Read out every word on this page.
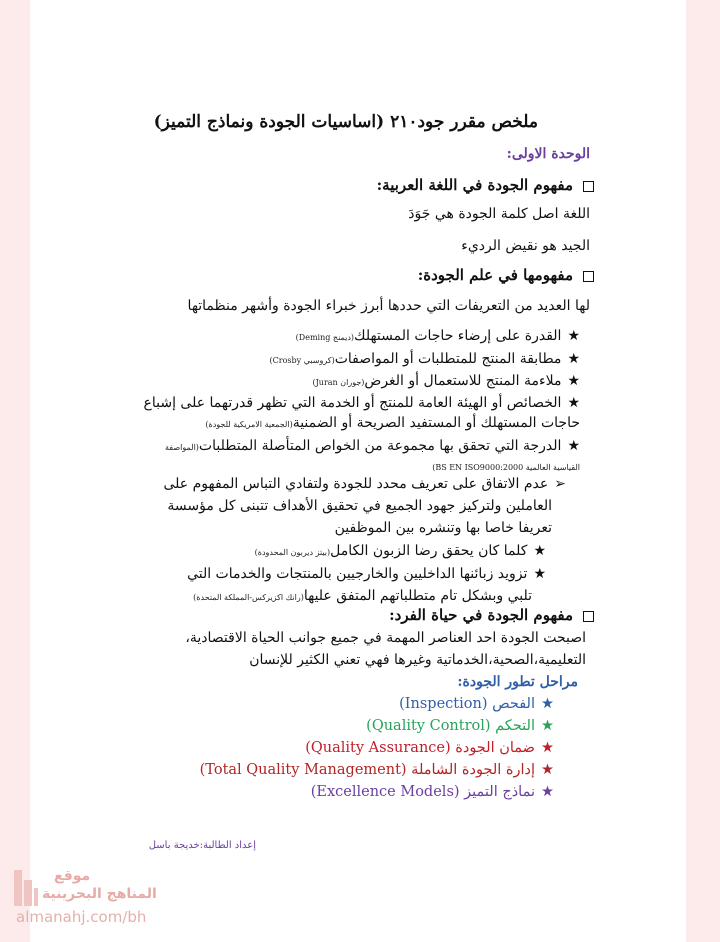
ملخص مقرر جود٢١٠ (اساسيات الجودة ونماذج التميز)
الوحدة الاولى:
مفهوم الجودة في اللغة العربية:
اللغة اصل كلمة الجودة هي جَوَدَ
الجيد هو نقيض الرديء
مفهومها في علم الجودة:
لها العديد من التعريفات التي حددها أبرز خبراء الجودة وأشهر منظماتها
★القدرة على إرضاء حاجات المستهلك(ديمنج Deming)
★مطابقة المنتج للمتطلبات أو المواصفات(كروسبي Crosby)
★ملاءمة المنتج للاستعمال أو الغرض(جوران Juran)
★الخصائص أو الهيئة العامة للمنتج أو الخدمة التي تظهر قدرتهما على إشباع
حاجات المستهلك أو المستفيد الصريحة أو الضمنية(الجمعية الامريكية للجودة)
★الدرجة التي تحقق بها مجموعة من الخواص المتأصلة المتطلبات(المواصفة
القياسية العالمية BS EN ISO9000:2000)
➢عدم الاتفاق على تعريف محدد للجودة ولتفادي التباس المفهوم على
العاملين ولتركيز جهود الجميع في تحقيق الأهداف تتبنى كل مؤسسة
تعريفا خاصا بها وتنشره بين الموظفين
★كلما كان يحقق رضا الزبون الكامل(بيتز ديربون المحدودة)
★تزويد زبائنها الداخليين والخارجيين بالمنتجات والخدمات التي
تلبي وبشكل تام متطلباتهم المتفق عليها(رانك اكزيركس-المملكة المتحدة)
مفهوم الجودة في حياة الفرد:
اصبحت الجودة احد العناصر المهمة في جميع جوانب الحياة الاقتصادية،
التعليمية،الصحية،الخدماتية وغيرها فهي تعني الكثير للإنسان
مراحل تطور الجودة:
★الفحص (Inspection)
★التحكم (Quality Control)
★ضمان الجودة (Quality Assurance)
★إدارة الجودة الشاملة (Total Quality Management)
★نماذج التميز (Excellence Models)
إعداد الطالبة:خديجة باسل
موقع
المناهج البحرينية
almanahj.com/bh
